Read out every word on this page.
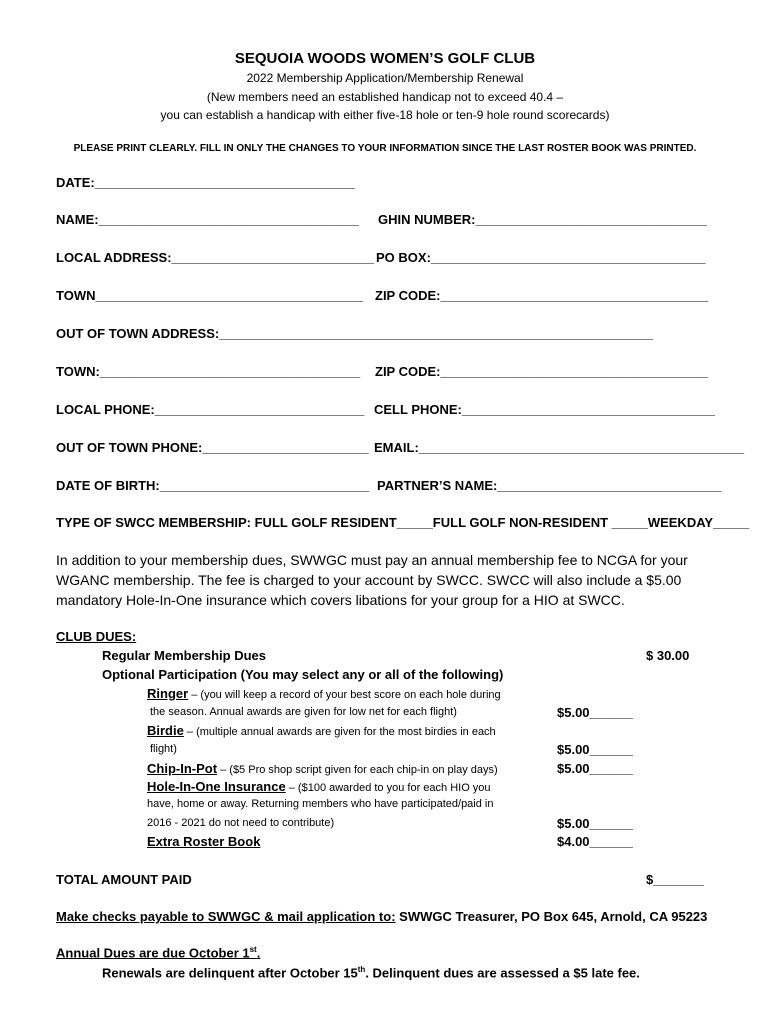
SEQUOIA WOODS WOMEN’S GOLF CLUB
2022 Membership Application/Membership Renewal
(New members need an established handicap not to exceed 40.4 –
you can establish a handicap with either five-18 hole or ten-9 hole round scorecards)
PLEASE PRINT CLEARLY. FILL IN ONLY THE CHANGES TO YOUR INFORMATION SINCE THE LAST ROSTER BOOK WAS PRINTED.
DATE:____________________________________
NAME:____________________________________ GHIN NUMBER:________________________________
LOCAL ADDRESS:____________________________ PO BOX:______________________________________
TOWN_____________________________________ ZIP CODE:_____________________________________
OUT OF TOWN ADDRESS:____________________________________________________________
TOWN:____________________________________ ZIP CODE:_____________________________________
LOCAL PHONE:_____________________________ CELL PHONE:___________________________________
OUT OF TOWN PHONE:_______________________ EMAIL:_____________________________________________
DATE OF BIRTH:_____________________________ PARTNER’S NAME:_______________________________
TYPE OF SWCC MEMBERSHIP: FULL GOLF RESIDENT_____FULL GOLF NON-RESIDENT _____WEEKDAY_____
In addition to your membership dues, SWWGC must pay an annual membership fee to NCGA for your WGANC membership. The fee is charged to your account by SWCC. SWCC will also include a $5.00 mandatory Hole-In-One insurance which covers libations for your group for a HIO at SWCC.
CLUB DUES:
Regular Membership Dues	$ 30.00
Optional Participation (You may select any or all of the following)
Ringer – (you will keep a record of your best score on each hole during
the season. Annual awards are given for low net for each flight)	$5.00______
Birdie – (multiple annual awards are given for the most birdies in each
flight)	$5.00______
Chip-In-Pot – ($5 Pro shop script given for each chip-in on play days)	$5.00______
Hole-In-One Insurance – ($100 awarded to you for each HIO you
have, home or away. Returning members who have participated/paid in
2016 - 2021 do not need to contribute)	$5.00______
Extra Roster Book	$4.00______
TOTAL AMOUNT PAID	$_______
Make checks payable to SWWGC & mail application to: SWWGC Treasurer, PO Box 645, Arnold, CA 95223
Annual Dues are due October 1st.
Renewals are delinquent after October 15th. Delinquent dues are assessed a $5 late fee.
